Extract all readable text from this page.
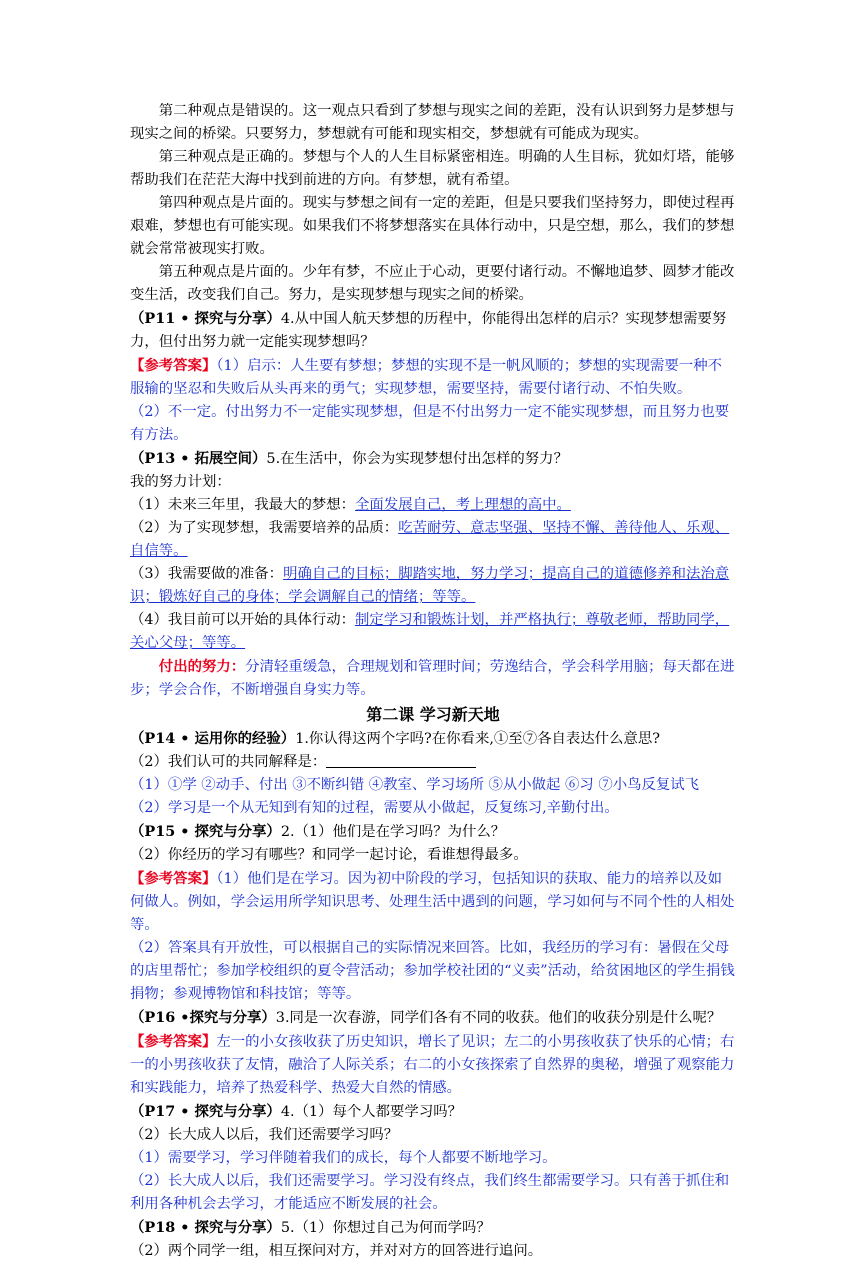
第二种观点是错误的。这一观点只看到了梦想与现实之间的差距，没有认识到努力是梦想与现实之间的桥梁。只要努力，梦想就有可能和现实相交，梦想就有可能成为现实。

第三种观点是正确的。梦想与个人的人生目标紧密相连。明确的人生目标，犹如灯塔，能够帮助我们在茫茫大海中找到前进的方向。有梦想，就有希望。

第四种观点是片面的。现实与梦想之间有一定的差距，但是只要我们坚持努力，即使过程再艰难，梦想也有可能实现。如果我们不将梦想落实在具体行动中，只是空想，那么，我们的梦想就会常常被现实打败。

第五种观点是片面的。少年有梦，不应止于心动，更要付诸行动。不懈地追梦、圆梦才能改变生活，改变我们自己。努力，是实现梦想与现实之间的桥梁。

（P11 • 探究与分享）4.从中国人航天梦想的历程中，你能得出怎样的启示？实现梦想需要努力，但付出努力就一定能实现梦想吗？

【参考答案】（1）启示：人生要有梦想；梦想的实现不是一帆风顺的；梦想的实现需要一种不服输的坚忍和失败后从头再来的勇气；实现梦想，需要坚持，需要付诸行动、不怕失败。

（2）不一定。付出努力不一定能实现梦想，但是不付出努力一定不能实现梦想，而且努力也要有方法。

（P13 • 拓展空间）5.在生活中，你会为实现梦想付出怎样的努力？

我的努力计划：

（1）未来三年里，我最大的梦想：全面发展自己，考上理想的高中。

（2）为了实现梦想，我需要培养的品质：吃苦耐劳、意志坚强、坚持不懈、善待他人、乐观、自信等。

（3）我需要做的准备：明确自己的目标；脚踏实地，努力学习；提高自己的道德修养和法治意识；锻炼好自己的身体；学会调解自己的情绪；等等。

（4）我目前可以开始的具体行动：制定学习和锻炼计划，并严格执行；尊敬老师，帮助同学，关心父母；等等。

付出的努力：分清轻重缓急，合理规划和管理时间；劳逸结合，学会科学用脑；每天都在进步；学会合作，不断增强自身实力等。

第二课 学习新天地

（P14 • 运用你的经验）1.你认得这两个字吗?在你看来,①至⑦各自表达什么意思?

（2）我们认可的共同解释是：

（1）①学 ②动手、付出 ③不断纠错 ④教室、学习场所 ⑤从小做起 ⑥习 ⑦小鸟反复试飞

（2）学习是一个从无知到有知的过程，需要从小做起，反复练习,辛勤付出。

（P15 • 探究与分享）2.（1）他们是在学习吗？为什么？

（2）你经历的学习有哪些？和同学一起讨论，看谁想得最多。

【参考答案】（1）他们是在学习。因为初中阶段的学习，包括知识的获取、能力的培养以及如何做人。例如，学会运用所学知识思考、处理生活中遇到的问题，学习如何与不同个性的人相处等。

（2）答案具有开放性，可以根据自己的实际情况来回答。比如，我经历的学习有：暑假在父母的店里帮忙；参加学校组织的夏令营活动；参加学校社团的“义卖”活动，给贫困地区的学生捐钱捐物；参观博物馆和科技馆；等等。

（P16 •探究与分享）3.同是一次春游，同学们各有不同的收获。他们的收获分别是什么呢？

【参考答案】左一的小女孩收获了历史知识，增长了见识；左二的小男孩收获了快乐的心情；右一的小男孩收获了友情，融洽了人际关系；右二的小女孩探索了自然界的奥秘，增强了观察能力和实践能力，培养了热爱科学、热爱大自然的情感。

（P17 • 探究与分享）4.（1）每个人都要学习吗？

（2）长大成人以后，我们还需要学习吗？

（1）需要学习，学习伴随着我们的成长，每个人都要不断地学习。

（2）长大成人以后，我们还需要学习。学习没有终点，我们终生都需要学习。只有善于抓住和利用各种机会去学习，才能适应不断发展的社会。

（P18 • 探究与分享）5.（1）你想过自己为何而学吗？

（2）两个同学一组，相互探问对方，并对对方的回答进行追问。
